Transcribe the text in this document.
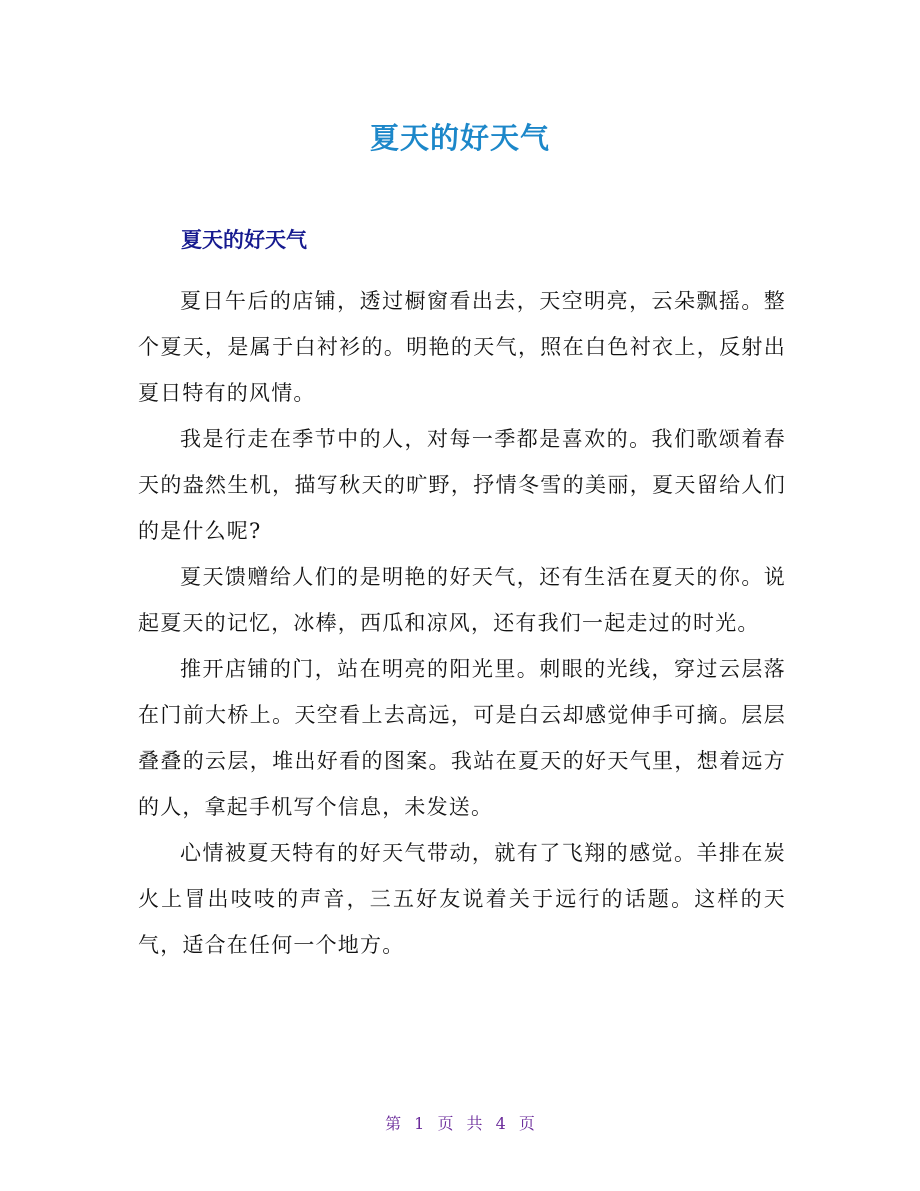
夏天的好天气
夏天的好天气

夏日午后的店铺，透过橱窗看出去，天空明亮，云朵飘摇。整个夏天，是属于白衬衫的。明艳的天气，照在白色衬衣上，反射出夏日特有的风情。

我是行走在季节中的人，对每一季都是喜欢的。我们歌颂着春天的盎然生机，描写秋天的旷野，抒情冬雪的美丽，夏天留给人们的是什么呢?

夏天馈赠给人们的是明艳的好天气，还有生活在夏天的你。说起夏天的记忆，冰棒，西瓜和凉风，还有我们一起走过的时光。

推开店铺的门，站在明亮的阳光里。刺眼的光线，穿过云层落在门前大桥上。天空看上去高远，可是白云却感觉伸手可摘。层层叠叠的云层，堆出好看的图案。我站在夏天的好天气里，想着远方的人，拿起手机写个信息，未发送。

心情被夏天特有的好天气带动，就有了飞翔的感觉。羊排在炭火上冒出吱吱的声音，三五好友说着关于远行的话题。这样的天气，适合在任何一个地方。

第 1 页 共 4 页
